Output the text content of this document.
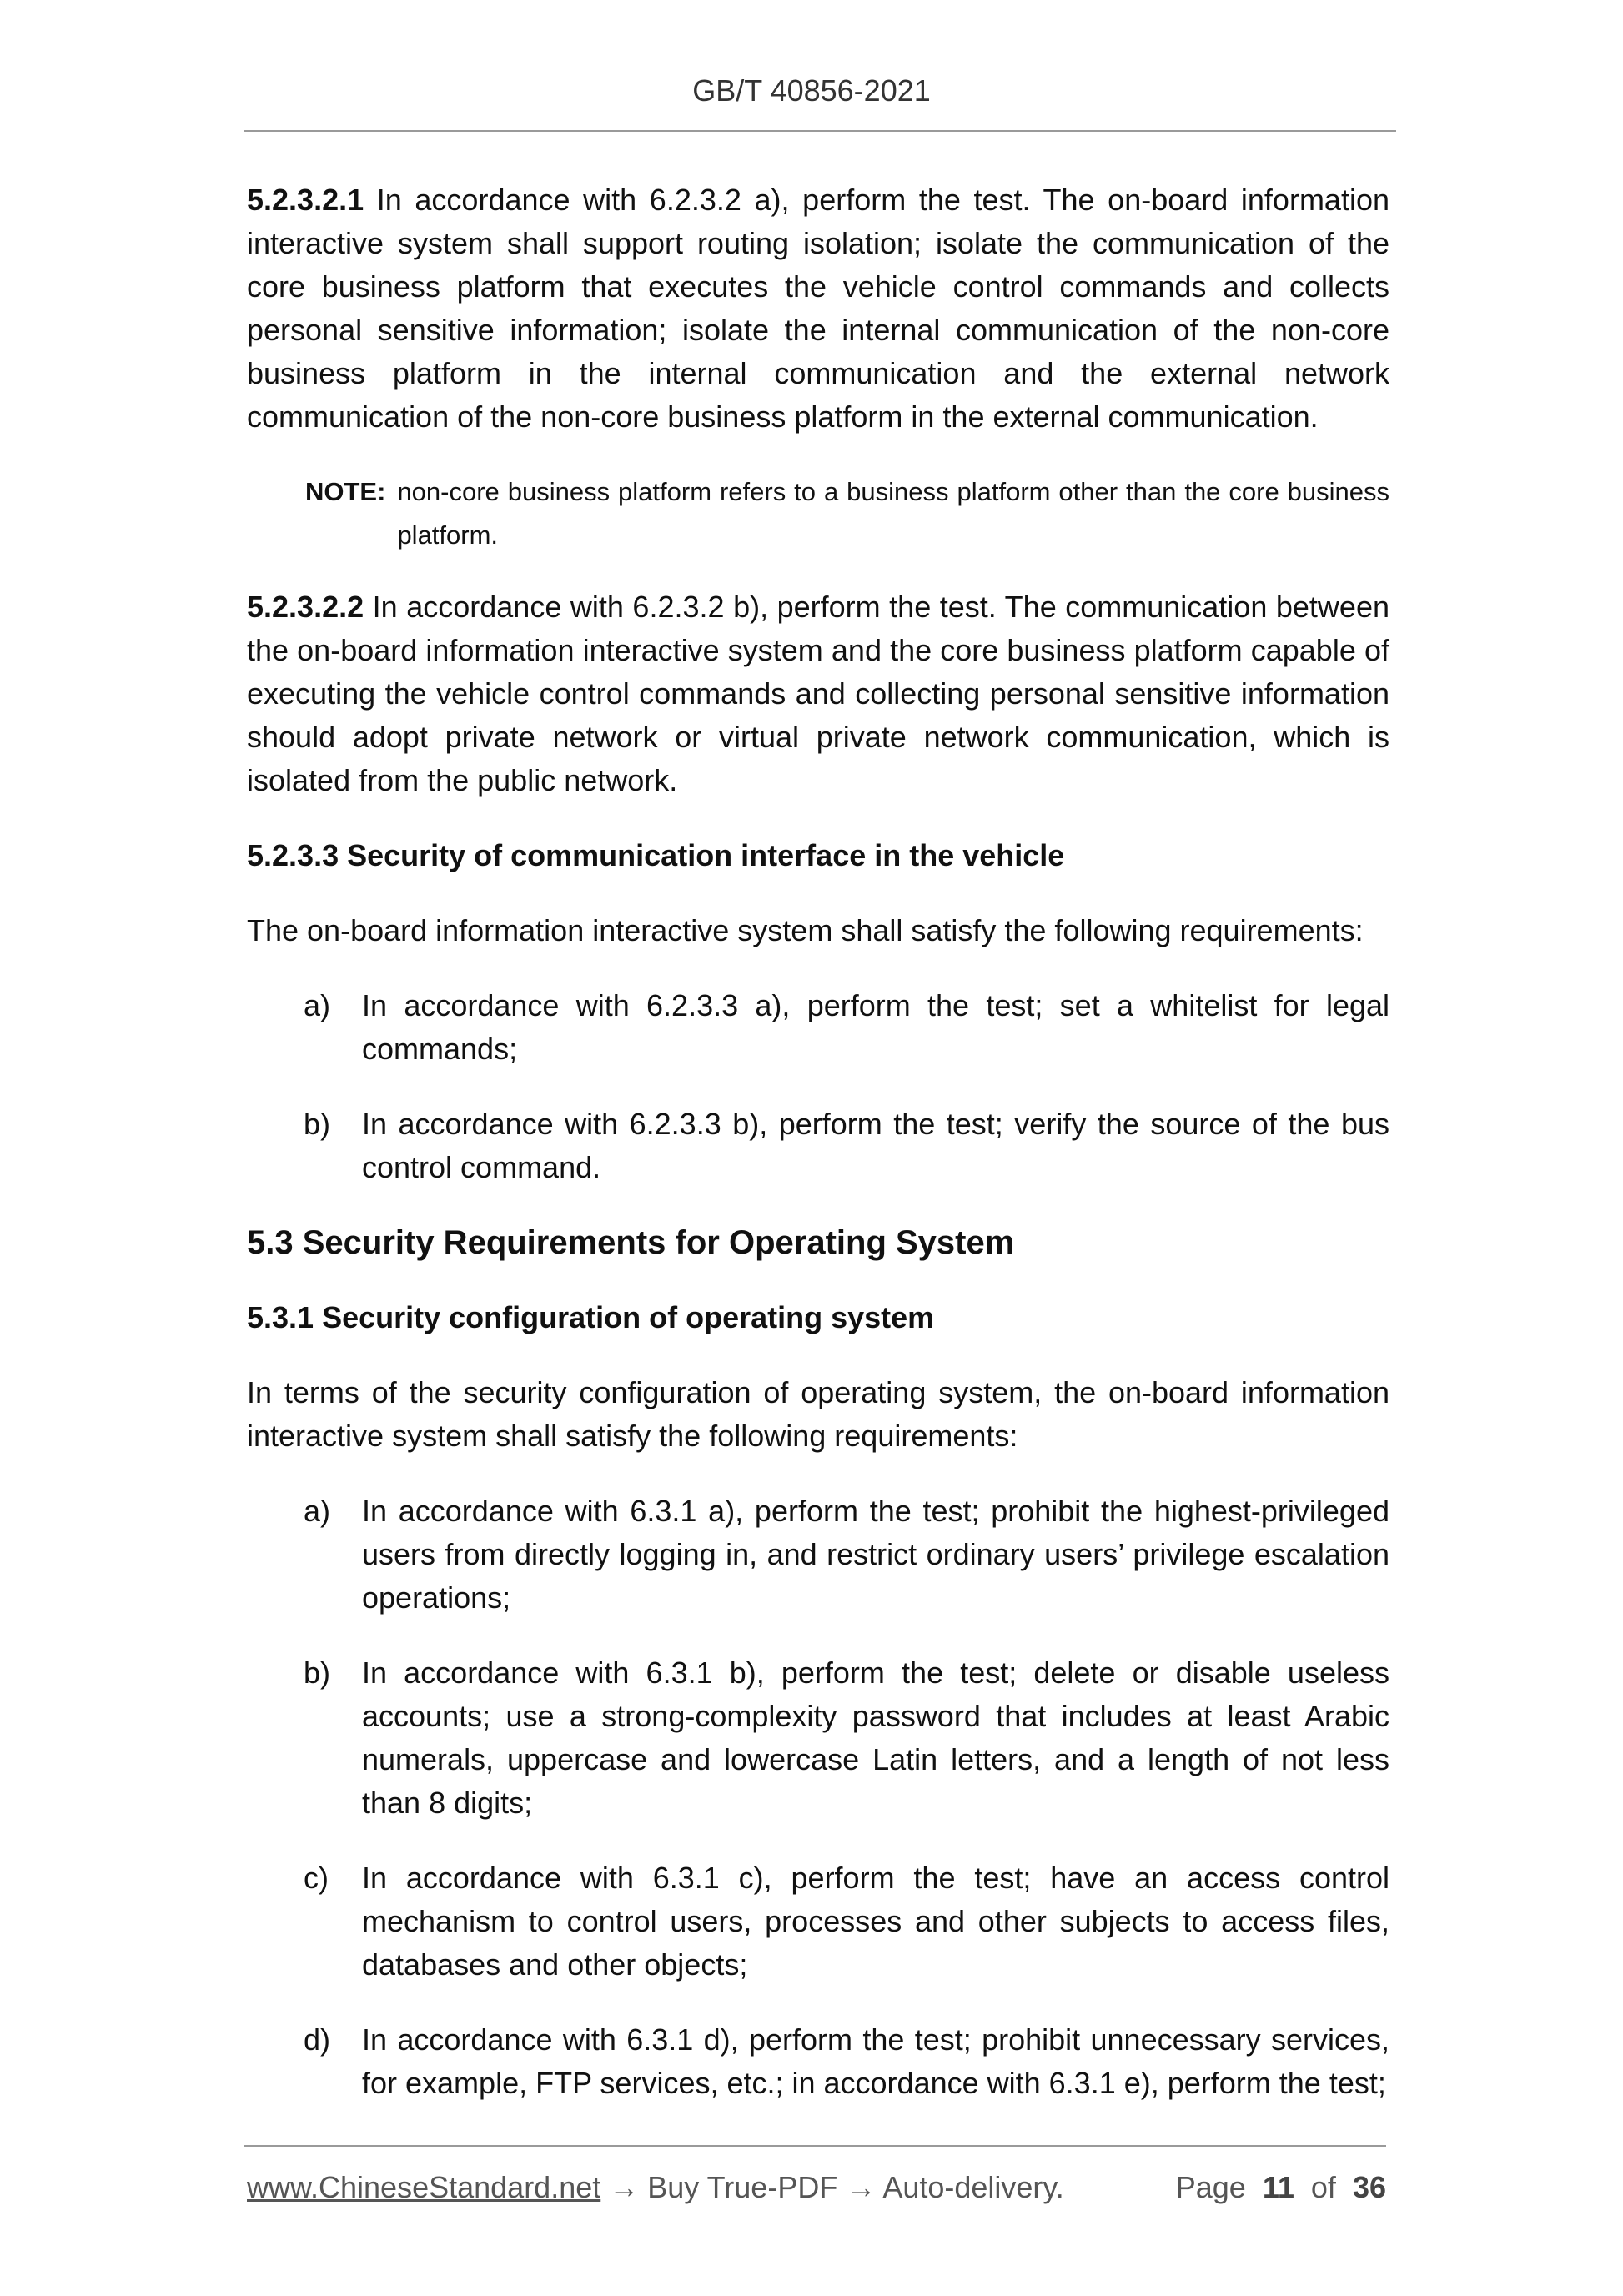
GB/T 40856-2021

5.2.3.2.1 In accordance with 6.2.3.2 a), perform the test. The on-board information interactive system shall support routing isolation; isolate the communication of the core business platform that executes the vehicle control commands and collects personal sensitive information; isolate the internal communication of the non-core business platform in the internal communication and the external network communication of the non-core business platform in the external communication.

NOTE: non-core business platform refers to a business platform other than the core business platform.

5.2.3.2.2 In accordance with 6.2.3.2 b), perform the test. The communication between the on-board information interactive system and the core business platform capable of executing the vehicle control commands and collecting personal sensitive information should adopt private network or virtual private network communication, which is isolated from the public network.

5.2.3.3 Security of communication interface in the vehicle

The on-board information interactive system shall satisfy the following requirements:

a)	In accordance with 6.2.3.3 a), perform the test; set a whitelist for legal commands;
b)	In accordance with 6.2.3.3 b), perform the test; verify the source of the bus control command.
5.3 Security Requirements for Operating System
5.3.1 Security configuration of operating system

In terms of the security configuration of operating system, the on-board information interactive system shall satisfy the following requirements:

a)	In accordance with 6.3.1 a), perform the test; prohibit the highest-privileged users from directly logging in, and restrict ordinary users’ privilege escalation operations;
b)	In accordance with 6.3.1 b), perform the test; delete or disable useless accounts; use a strong-complexity password that includes at least Arabic numerals, uppercase and lowercase Latin letters, and a length of not less than 8 digits;
c)	In accordance with 6.3.1 c), perform the test; have an access control mechanism to control users, processes and other subjects to access files, databases and other objects;
d)	In accordance with 6.3.1 d), perform the test; prohibit unnecessary services, for example, FTP services, etc.; in accordance with 6.3.1 e), perform the test;
www.ChineseStandard.net → Buy True-PDF → Auto-delivery.	Page 11 of 36
